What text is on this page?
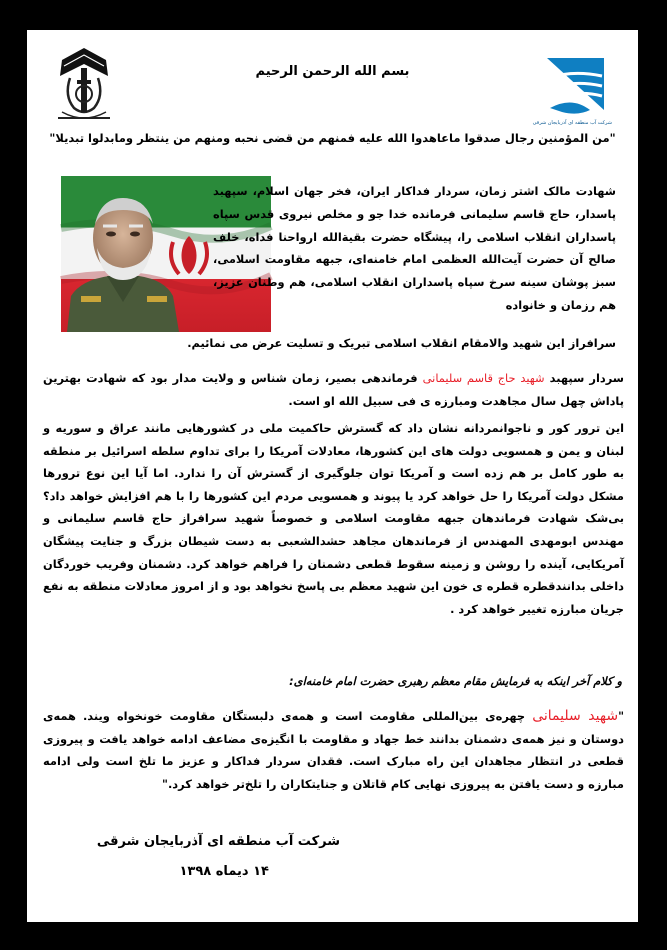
بسم الله الرحمن الرحیم
شرکت آب منطقه ای آذربایجان شرقی
"من المؤمنین رجال صدقوا ماعاهدوا الله علیه فمنهم من قضی نحبه ومنهم من ینتظر ومابدلوا تبدیلا"
شهادت مالک اشتر زمان، سردار فداکار ایران، فخر جهان اسلام، سپهبد پاسدار، حاج قاسم سلیمانی فرمانده خدا جو و مخلص نیروی قدس سپاه پاسداران انقلاب اسلامی را، پیشگاه حضرت بقیةالله ارواحنا فداه، خلف صالح آن حضرت آیت‌الله العظمی امام خامنه‌ای، جبهه مقاومت اسلامی، سبز پوشان سینه سرخ سپاه پاسداران انقلاب اسلامی، هم وطنان عزیز، هم رزمان و خانواده
سرافراز این شهید والامقام انقلاب اسلامی تبریک و تسلیت عرض می نمائیم.

سردار سپهبد شهید حاج قاسم سلیمانی فرماندهی بصیر، زمان شناس و ولایت مدار بود که شهادت بهترین پاداش چهل سال مجاهدت ومبارزه ی فی سبیل الله او است.

این ترور کور و ناجوانمردانه نشان داد که گسترش حاکمیت ملی در کشورهایی مانند عراق و سوریه و لبنان و یمن و همسویی دولت های این کشورها، معادلات آمریکا را برای تداوم سلطه اسرائیل بر منطقه به طور کامل بر هم زده است و آمریکا توان جلوگیری از گسترش آن را ندارد. اما آیا این نوع ترورها مشکل دولت آمریکا را حل خواهد کرد یا پیوند و همسویی مردم این کشورها را با هم افزایش خواهد داد؟ بی‌شک شهادت فرماندهان جبهه مقاومت اسلامی و خصوصاً شهید سرافراز حاج قاسم سلیمانی و مهندس ابومهدی المهندس از فرماندهان مجاهد حشدالشعبی به دست شیطان بزرگ و جنایت پیشگان آمریکایی، آینده را روشن و زمینه سقوط قطعی دشمنان را فراهم خواهد کرد. دشمنان وفریب خوردگان داخلی بدانندقطره قطره ی خون این شهید معظم بی پاسخ نخواهد بود و از امروز معادلات منطقه به نفع جریان مبارزه تغییر خواهد کرد .

و کلام آخر اینکه به فرمایش مقام معظم رهبری حضرت امام خامنه‌ای:

"شهید سلیمانی چهره‌ی بین‌المللی مقاومت است و همه‌ی دلبستگان مقاومت خونخواه ویند. همه‌ی دوستان و نیز همه‌ی دشمنان بدانند خط جهاد و مقاومت با انگیزه‌ی مضاعف ادامه خواهد یافت و پیروزی قطعی در انتظار مجاهدان این راه مبارک است. فقدان سردار فداکار و عزیز ما تلخ است ولی ادامه مبارزه و دست یافتن به پیروزی نهایی کام قاتلان و جنایتکاران را تلخ‌تر خواهد کرد."

شرکت آب منطقه ای آذربایجان شرقی
۱۴ دیماه ۱۳۹۸
